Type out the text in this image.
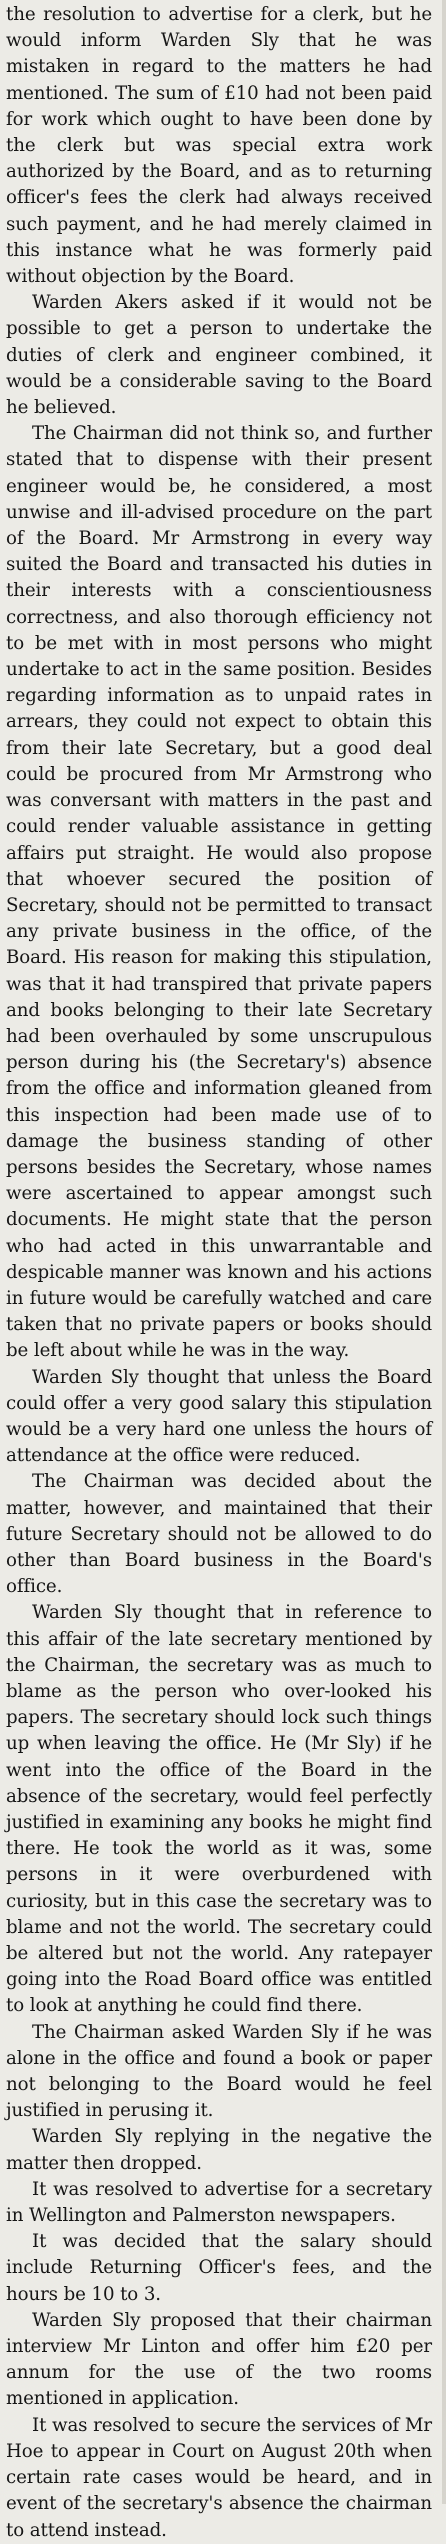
the resolution to advertise for a clerk, but he would inform Warden Sly that he was mistaken in regard to the matters he had mentioned. The sum of £10 had not been paid for work which ought to have been done by the clerk but was special extra work authorized by the Board, and as to returning officer's fees the clerk had always received such payment, and he had merely claimed in this instance what he was formerly paid without objection by the Board.

Warden Akers asked if it would not be possible to get a person to undertake the duties of clerk and engineer combined, it would be a considerable saving to the Board he believed.

The Chairman did not think so, and further stated that to dispense with their present engineer would be, he considered, a most unwise and ill-advised procedure on the part of the Board. Mr Armstrong in every way suited the Board and transacted his duties in their interests with a conscientiousness correctness, and also thorough efficiency not to be met with in most persons who might undertake to act in the same position. Besides regarding information as to unpaid rates in arrears, they could not expect to obtain this from their late Secretary, but a good deal could be procured from Mr Armstrong who was conversant with matters in the past and could render valuable assistance in getting affairs put straight. He would also propose that whoever secured the position of Secretary, should not be permitted to transact any private business in the office, of the Board. His reason for making this stipulation, was that it had transpired that private papers and books belonging to their late Secretary had been overhauled by some unscrupulous person during his (the Secretary's) absence from the office and information gleaned from this inspection had been made use of to damage the business standing of other persons besides the Secretary, whose names were ascertained to appear amongst such documents. He might state that the person who had acted in this unwarrantable and despicable manner was known and his actions in future would be carefully watched and care taken that no private papers or books should be left about while he was in the way.

Warden Sly thought that unless the Board could offer a very good salary this stipulation would be a very hard one unless the hours of attendance at the office were reduced.

The Chairman was decided about the matter, however, and maintained that their future Secretary should not be allowed to do other than Board business in the Board's office.

Warden Sly thought that in reference to this affair of the late secretary mentioned by the Chairman, the secretary was as much to blame as the person who over-looked his papers. The secretary should lock such things up when leaving the office. He (Mr Sly) if he went into the office of the Board in the absence of the secretary, would feel perfectly justified in examining any books he might find there. He took the world as it was, some persons in it were overburdened with curiosity, but in this case the secretary was to blame and not the world. The secretary could be altered but not the world. Any ratepayer going into the Road Board office was entitled to look at anything he could find there.

The Chairman asked Warden Sly if he was alone in the office and found a book or paper not belonging to the Board would he feel justified in perusing it.

Warden Sly replying in the negative the matter then dropped.

It was resolved to advertise for a secretary in Wellington and Palmerston newspapers.

It was decided that the salary should include Returning Officer's fees, and the hours be 10 to 3.

Warden Sly proposed that their chairman interview Mr Linton and offer him £20 per annum for the use of the two rooms mentioned in application.

It was resolved to secure the services of Mr Hoe to appear in Court on August 20th when certain rate cases would be heard, and in event of the secretary's absence the chairman to attend instead.
